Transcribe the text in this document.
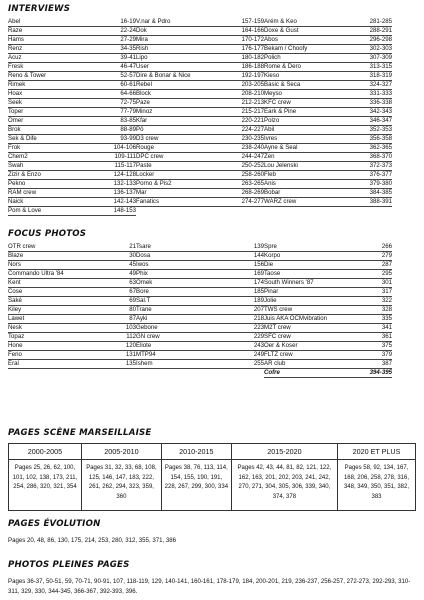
INTERVIEWS
Abel	16-19
Raze	22-24
Hams	27-29
Renz	34-35
Acuz	39-41
Fresk	46-47
Reno & Tower	52-57
Rimek	60-61
Hoax	64-66
Seek	72-75
Toper	77-79
Omer	83-85
Brok	88-89
Sek & Dife	93-99
Frok	104-106
Chem2	109-111
Swah	115-117
Zizir & Enzo	124-128
Pekno	132-133
RAM crew	136-137
Naick	142-143
Pom & Love	148-153
V.nar & Pdro	157-159
Dok	164-166
Mira	170-172
Rish	176-177
Lipo	180-182
User	186-188
Dire & Bonar & Nice	192-197
Rebel	203-205
Block	208-210
Paze	212-213
Minoz	215-217
Kfar	220-221
Pö	224-227
D3 crew	230-235
Rouge	238-240
DPC crew	244-247
Paste	250-252
Locker	258-260
Porno & Pis2	263-265
Mar	268-269
Fanatics	274-277
Arém & Keo	281-285
Doxe & Gust	288-291
Abos	296-298
Bekam / Choofy	302-303
Polich	307-309
Rome & Dero	313-315
Kieso	318-319
Basic & Seca	324-327
Meyso	331-333
KFC crew	336-338
Eark & Pine	342-343
Polzo	346-347
Abil	352-353
Ivres	356-358
Ayne & Seal	362-365
Zen	368-370
Lou Jelenski	372-373
Fleb	376-377
Anis	379-380
Bobar	384-385
WARZ crew	388-391
FOCUS PHOTOS
OTR crew	21
Blaze	30
Nors	45
Commando Ultra '84	49
Kent	63
Cose	67
Saké	69
Kiley	80
Lawet	87
Nesk	103
Topaz	112
Hone	120
Feno	131
Eral	135
Tsare	139
Dosa	144
Iwos	156
Phix	169
Omek	174
Bore	185
Sal.T	189
Trane	207
Ayki	218
Gebone	223
GN crew	229
Eliote	243
MTP94	249
Ishem	255
Spre	266
Korpo	279
Die	287
Taose	295
South Winners '87	301
Pinar	317
Jolie	322
TWS crew	328
Juis AKA OCMvibration	335
M2T crew	341
SFC crew	361
Oer & Koser	375
FLTZ crew	379
AR club	387
Cofre	394-395
PAGES SCÈNE MARSEILLAISE
2000-2005	2005-2010	2010-2015	2015-2020	2020 ET PLUS
Pages 25, 26, 62, 100, 101, 102, 138, 173, 211, 254, 286, 320, 321, 354	Pages 31, 32, 33, 68, 108, 125, 146, 147, 183, 222, 261, 262, 294, 323, 359, 360	Pages 38, 76, 113, 114, 154, 155, 190, 191, 228, 267, 299, 300, 334	Pages 42, 43, 44, 81, 82, 121, 122, 162, 163, 201, 202, 203, 241, 242, 270, 271, 304, 305, 306, 339, 340, 374, 378	Pages 58, 92, 134, 167, 168, 206, 258, 278, 316, 348, 349, 350, 351, 382, 383
PAGES ÉVOLUTION
Pages 20, 48, 86, 130, 175, 214, 253, 280, 312, 355, 371, 386
PHOTOS PLEINES PAGES
Pages 36-37, 50-51, 59, 70-71, 90-91, 107, 118-119, 129, 140-141, 160-161, 178-179, 184, 200-201, 219, 236-237, 256-257, 272-273, 292-293, 310-311, 329, 330, 344-345, 366-367, 392-393, 396.
